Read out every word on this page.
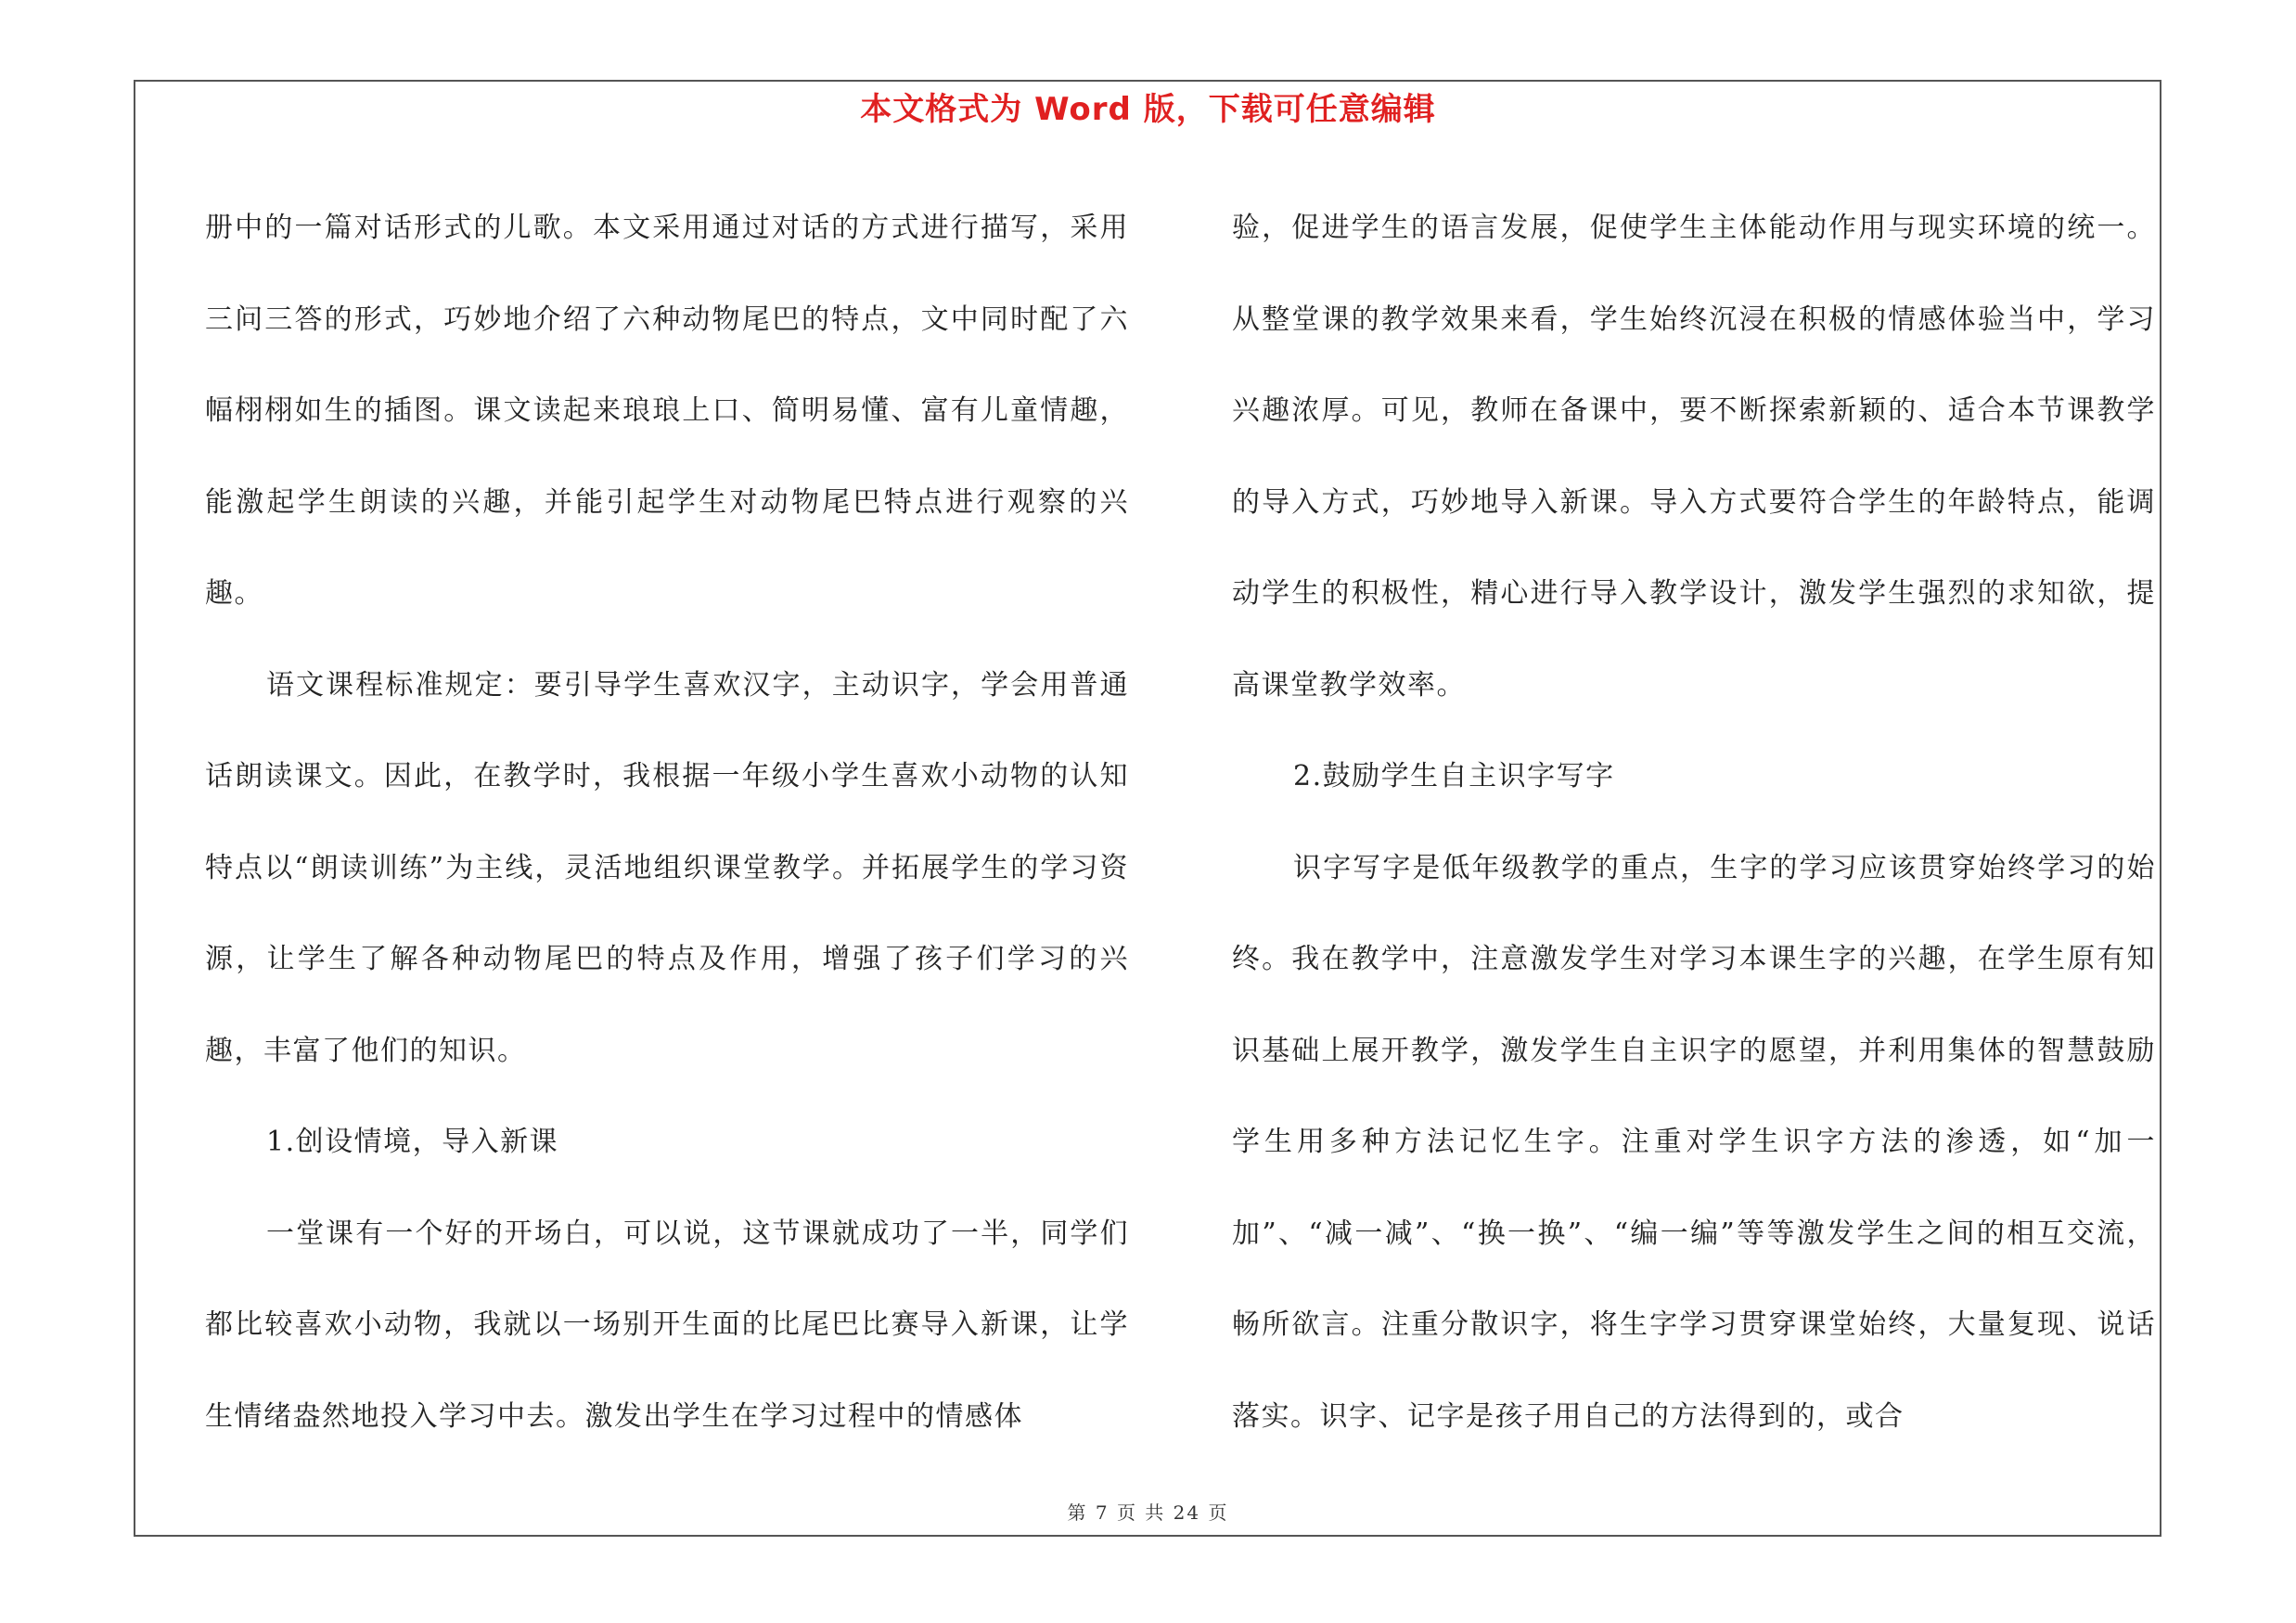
本文格式为 Word 版，下载可任意编辑

册中的一篇对话形式的儿歌。本文采用通过对话的方式进行描写，采用三问三答的形式，巧妙地介绍了六种动物尾巴的特点，文中同时配了六幅栩栩如生的插图。课文读起来琅琅上口、简明易懂、富有儿童情趣，能激起学生朗读的兴趣，并能引起学生对动物尾巴特点进行观察的兴趣。

语文课程标准规定：要引导学生喜欢汉字，主动识字，学会用普通话朗读课文。因此，在教学时，我根据一年级小学生喜欢小动物的认知特点以“朗读训练”为主线，灵活地组织课堂教学。并拓展学生的学习资源，让学生了解各种动物尾巴的特点及作用，增强了孩子们学习的兴趣，丰富了他们的知识。

1.创设情境，导入新课

一堂课有一个好的开场白，可以说，这节课就成功了一半，同学们都比较喜欢小动物，我就以一场别开生面的比尾巴比赛导入新课，让学生情绪盎然地投入学习中去。激发出学生在学习过程中的情感体

验，促进学生的语言发展，促使学生主体能动作用与现实环境的统一。从整堂课的教学效果来看，学生始终沉浸在积极的情感体验当中，学习兴趣浓厚。可见，教师在备课中，要不断探索新颖的、适合本节课教学的导入方式，巧妙地导入新课。导入方式要符合学生的年龄特点，能调动学生的积极性，精心进行导入教学设计，激发学生强烈的求知欲，提高课堂教学效率。

2.鼓励学生自主识字写字

识字写字是低年级教学的重点，生字的学习应该贯穿始终学习的始终。我在教学中，注意激发学生对学习本课生字的兴趣，在学生原有知识基础上展开教学，激发学生自主识字的愿望，并利用集体的智慧鼓励学生用多种方法记忆生字。注重对学生识字方法的渗透，如“加一加”、“减一减”、“换一换”、“编一编”等等激发学生之间的相互交流，畅所欲言。注重分散识字，将生字学习贯穿课堂始终，大量复现、说话落实。识字、记字是孩子用自己的方法得到的，或合

第 7 页 共 24 页
